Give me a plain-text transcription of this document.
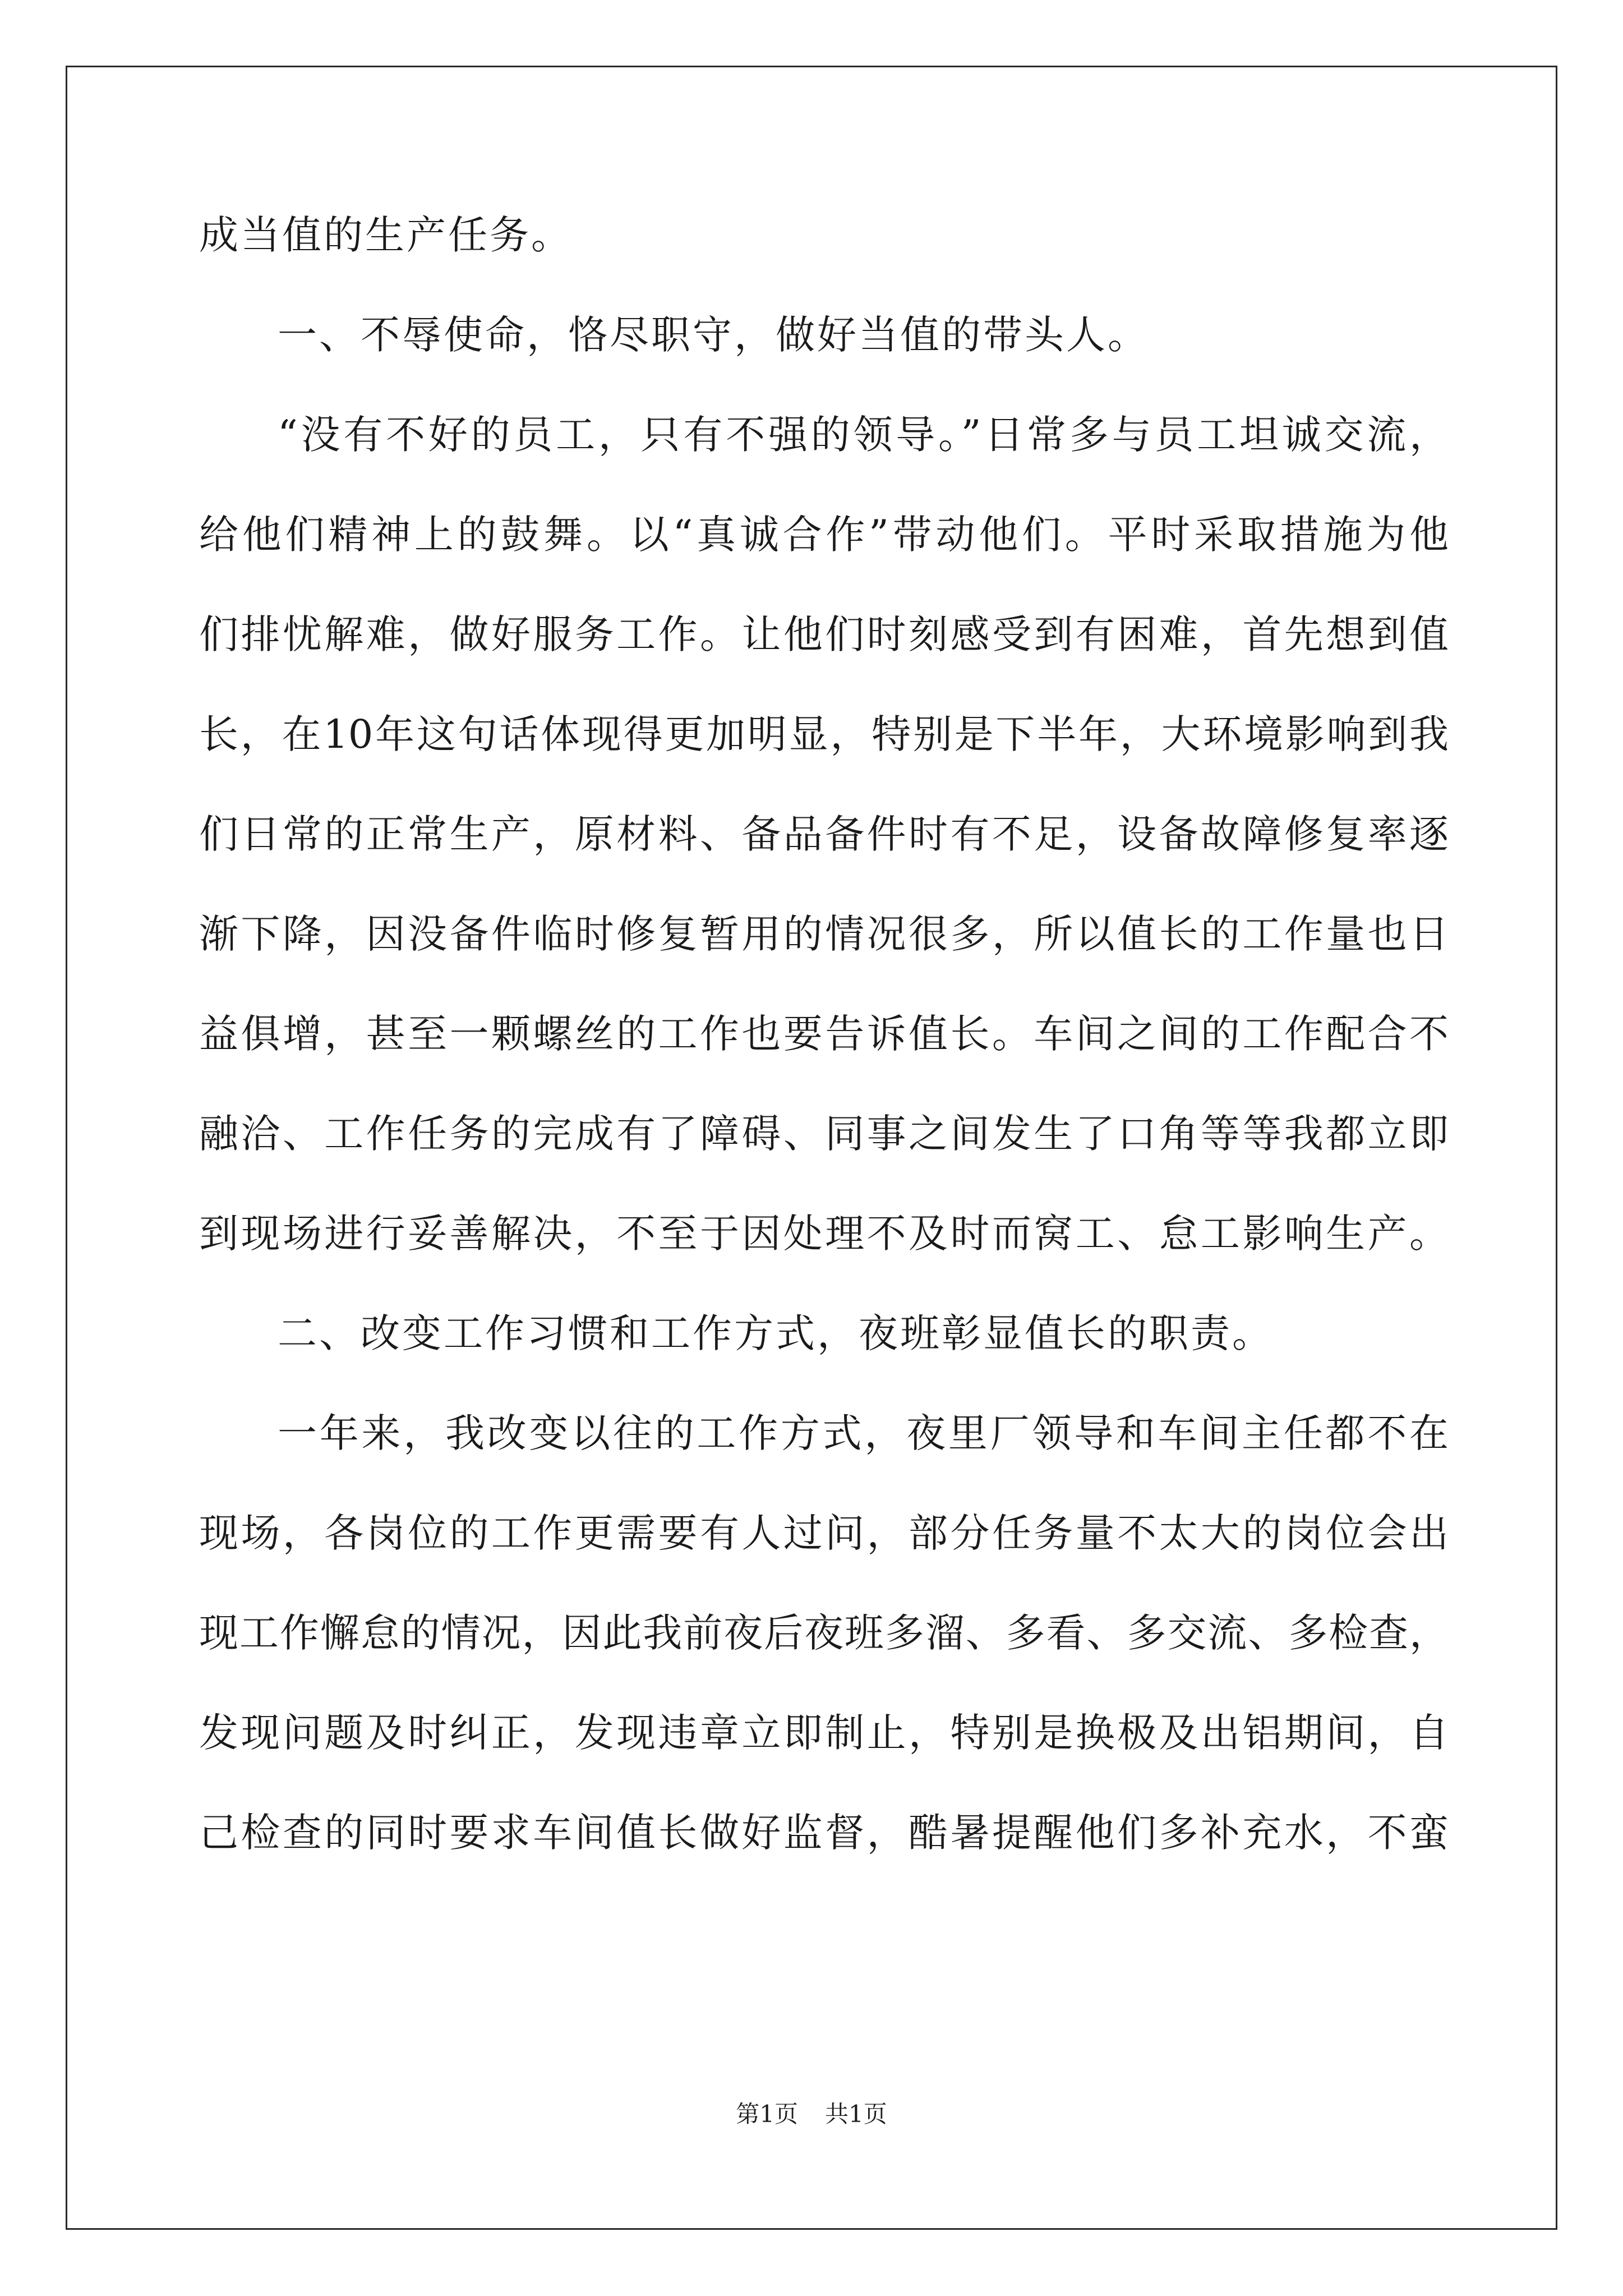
成当值的生产任务。
一、不辱使命，恪尽职守，做好当值的带头人。
“没有不好的员工，只有不强的领导。”日常多与员工坦诚交流，
给他们精神上的鼓舞。以“真诚合作”带动他们。平时采取措施为他
们排忧解难，做好服务工作。让他们时刻感受到有困难，首先想到值
长，在10年这句话体现得更加明显，特别是下半年，大环境影响到我
们日常的正常生产，原材料、备品备件时有不足，设备故障修复率逐
渐下降，因没备件临时修复暂用的情况很多，所以值长的工作量也日
益俱增，甚至一颗螺丝的工作也要告诉值长。车间之间的工作配合不
融洽、工作任务的完成有了障碍、同事之间发生了口角等等我都立即
到现场进行妥善解决，不至于因处理不及时而窝工、怠工影响生产。
二、改变工作习惯和工作方式，夜班彰显值长的职责。
一年来，我改变以往的工作方式，夜里厂领导和车间主任都不在
现场，各岗位的工作更需要有人过问，部分任务量不太大的岗位会出
现工作懈怠的情况，因此我前夜后夜班多溜、多看、多交流、多检查，
发现问题及时纠正，发现违章立即制止，特别是换极及出铝期间，自
己检查的同时要求车间值长做好监督，酷暑提醒他们多补充水，不蛮
第1页 共1页
